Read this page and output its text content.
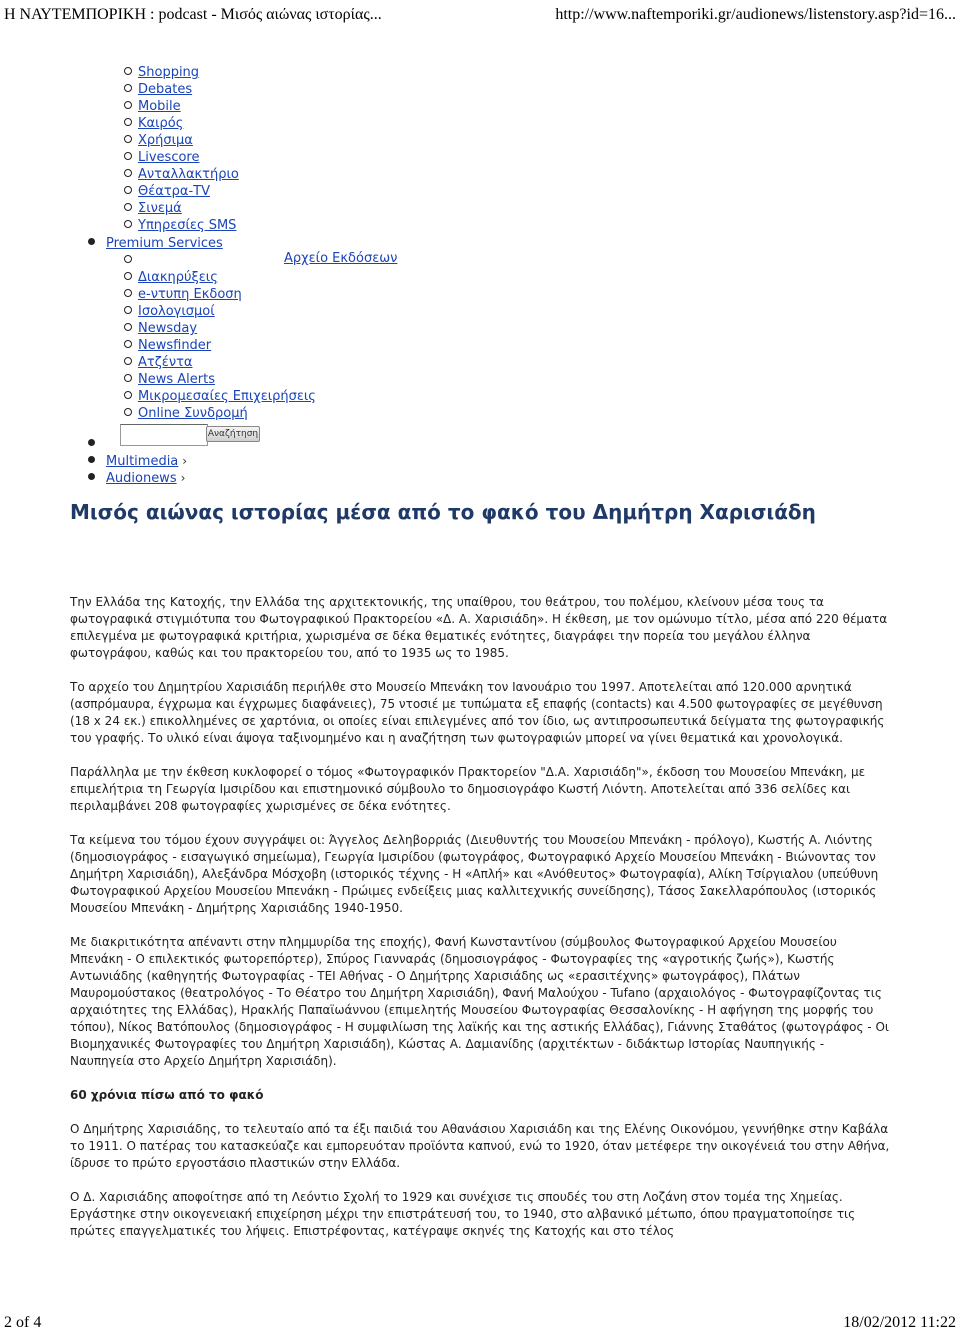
Η ΝΑΥΤΕΜΠΟΡΙΚΗ : podcast - Μισός αιώνας ιστορίας...	http://www.naftemporiki.gr/audionews/listenstory.asp?id=16...
Shopping
Debates
Mobile
Καιρός
Χρήσιμα
Livescore
Ανταλλακτήριο
Θέατρα-TV
Σινεμά
Υπηρεσίες SMS
Premium Services
Αρχείο Εκδόσεων
Διακηρύξεις
e-ντυπη Εκδοση
Ισολογισμοί
Newsday
Newsfinder
Ατζέντα
News Alerts
Μικρομεσαίες Επιχειρήσεις
Online Συνδρομή
Αναζήτηση
Multimedia ›
Audionews ›
Μισός αιώνας ιστορίας μέσα από το φακό του Δημήτρη Χαρισιάδη

Την Ελλάδα της Κατοχής, την Ελλάδα της αρχιτεκτονικής, της υπαίθρου, του θεάτρου, του πολέμου, κλείνουν μέσα τους τα φωτογραφικά στιγμιότυπα του Φωτογραφικού Πρακτορείου «Δ. Α. Χαρισιάδη». Η έκθεση, με τον ομώνυμο τίτλο, μέσα από 220 θέματα επιλεγμένα με φωτογραφικά κριτήρια, χωρισμένα σε δέκα θεματικές ενότητες, διαγράφει την πορεία του μεγάλου έλληνα φωτογράφου, καθώς και του πρακτορείου του, από το 1935 ως το 1985.

Το αρχείο του Δημητρίου Χαρισιάδη περιήλθε στο Μουσείο Μπενάκη τον Ιανουάριο του 1997. Αποτελείται από 120.000 αρνητικά (ασπρόμαυρα, έγχρωμα και έγχρωμες διαφάνειες), 75 ντοσιέ με τυπώματα εξ επαφής (contacts) και 4.500 φωτογραφίες σε μεγέθυνση (18 x 24 εκ.) επικολλημένες σε χαρτόνια, οι οποίες είναι επιλεγμένες από τον ίδιο, ως αντιπροσωπευτικά δείγματα της φωτογραφικής του γραφής. Το υλικό είναι άψογα ταξινομημένο και η αναζήτηση των φωτογραφιών μπορεί να γίνει θεματικά και χρονολογικά.

Παράλληλα με την έκθεση κυκλοφορεί ο τόμος «Φωτογραφικόν Πρακτορείον "Δ.Α. Χαρισιάδη"», έκδοση του Μουσείου Μπενάκη, με επιμελήτρια τη Γεωργία Ιμσιρίδου και επιστημονικό σύμβουλο το δημοσιογράφο Κωστή Λιόντη. Αποτελείται από 336 σελίδες και περιλαμβάνει 208 φωτογραφίες χωρισμένες σε δέκα ενότητες.

Τα κείμενα του τόμου έχουν συγγράψει οι: Άγγελος Δεληβορριάς (Διευθυντής του Μουσείου Μπενάκη - πρόλογο), Κωστής Α. Λιόντης (δημοσιογράφος - εισαγωγικό σημείωμα), Γεωργία Ιμσιρίδου (φωτογράφος, Φωτογραφικό Αρχείο Μουσείου Μπενάκη - Βιώνοντας τον Δημήτρη Χαρισιάδη), Αλεξάνδρα Μόσχοβη (ιστορικός τέχνης - Η «Απλή» και «Ανόθευτος» Φωτογραφία), Αλίκη Τσίργιαλου (υπεύθυνη Φωτογραφικού Αρχείου Μουσείου Μπενάκη - Πρώιμες ενδείξεις μιας καλλιτεχνικής συνείδησης), Τάσος Σακελλαρόπουλος (ιστορικός Μουσείου Μπενάκη - Δημήτρης Χαρισιάδης 1940-1950.

Με διακριτικότητα απέναντι στην πλημμυρίδα της εποχής), Φανή Κωνσταντίνου (σύμβουλος Φωτογραφικού Αρχείου Μουσείου Μπενάκη - Ο επιλεκτικός φωτορεπόρτερ), Σπύρος Γιανναράς (δημοσιογράφος - Φωτογραφίες της «αγροτικής ζωής»), Κωστής Αντωνιάδης (καθηγητής Φωτογραφίας - ΤΕΙ Αθήνας - Ο Δημήτρης Χαρισιάδης ως «ερασιτέχνης» φωτογράφος), Πλάτων Μαυρομούστακος (θεατρολόγος - Το Θέατρο του Δημήτρη Χαρισιάδη), Φανή Μαλούχου - Tufano (αρχαιολόγος - Φωτογραφίζοντας τις αρχαιότητες της Ελλάδας), Ηρακλής Παπαϊωάννου (επιμελητής Μουσείου Φωτογραφίας Θεσσαλονίκης - Η αφήγηση της μορφής του τόπου), Νίκος Βατόπουλος (δημοσιογράφος - Η συμφιλίωση της λαϊκής και της αστικής Ελλάδας), Γιάννης Σταθάτος (φωτογράφος - Οι Βιομηχανικές Φωτογραφίες του Δημήτρη Χαρισιάδη), Κώστας Α. Δαμιανίδης (αρχιτέκτων - διδάκτωρ Ιστορίας Ναυπηγικής - Ναυπηγεία στο Αρχείο Δημήτρη Χαρισιάδη).

60 χρόνια πίσω από το φακό

Ο Δημήτρης Χαρισιάδης, το τελευταίο από τα έξι παιδιά του Αθανάσιου Χαρισιάδη και της Ελένης Οικονόμου, γεννήθηκε στην Καβάλα το 1911. Ο πατέρας του κατασκεύαζε και εμπορευόταν προϊόντα καπνού, ενώ το 1920, όταν μετέφερε την οικογένειά του στην Αθήνα, ίδρυσε το πρώτο εργοστάσιο πλαστικών στην Ελλάδα.

Ο Δ. Χαρισιάδης αποφοίτησε από τη Λεόντιο Σχολή το 1929 και συνέχισε τις σπουδές του στη Λοζάνη στον τομέα της Χημείας. Εργάστηκε στην οικογενειακή επιχείρηση μέχρι την επιστράτευσή του, το 1940, στο αλβανικό μέτωπο, όπου πραγματοποίησε τις πρώτες επαγγελματικές του λήψεις. Επιστρέφοντας, κατέγραψε σκηνές της Κατοχής και στο τέλος

2 of 4	18/02/2012 11:22
